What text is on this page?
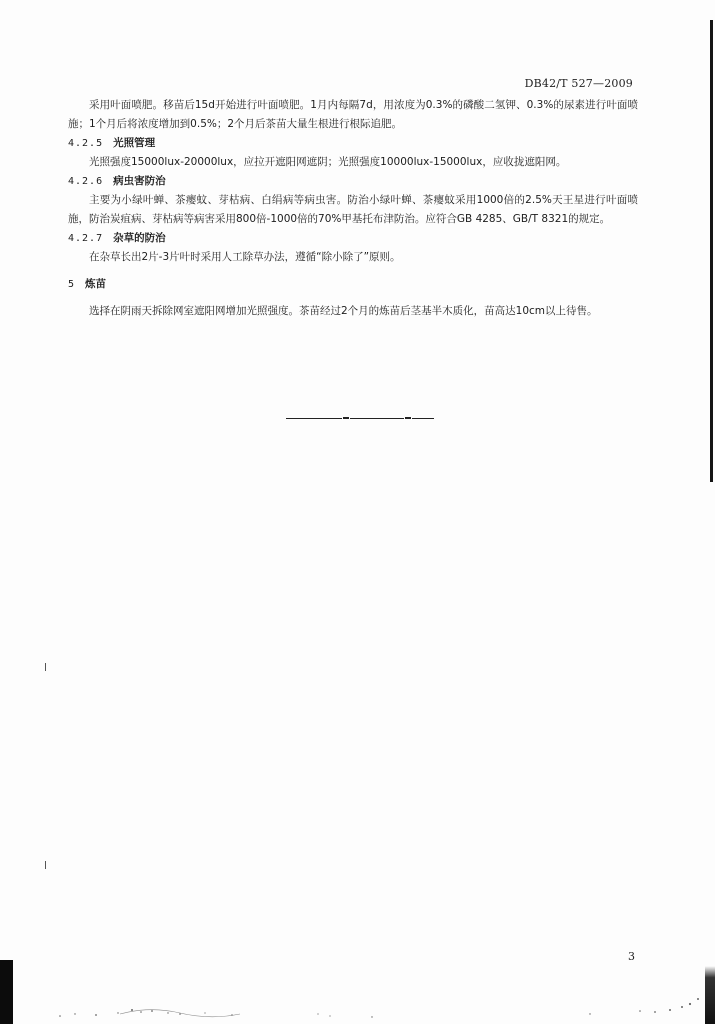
DB42/T 527—2009

采用叶面喷肥。移苗后15d开始进行叶面喷肥。1月内每隔7d，用浓度为0.3%的磷酸二氢钾、0.3%的尿素进行叶面喷施；1个月后将浓度增加到0.5%；2个月后茶苗大量生根进行根际追肥。

4.2.5 光照管理

光照强度15000lux-20000lux，应拉开遮阳网遮阴；光照强度10000lux-15000lux，应收拢遮阳网。

4.2.6 病虫害防治

主要为小绿叶蝉、茶瘿蚊、芽枯病、白绢病等病虫害。防治小绿叶蝉、茶瘿蚊采用1000倍的2.5%天王星进行叶面喷施，防治炭疽病、芽枯病等病害采用800倍-1000倍的70%甲基托布津防治。应符合GB 4285、GB/T 8321的规定。

4.2.7 杂草的防治

在杂草长出2片-3片叶时采用人工除草办法，遵循“除小除了”原则。

5 炼苗

选择在阴雨天拆除网室遮阳网增加光照强度。茶苗经过2个月的炼苗后茎基半木质化，苗高达10cm以上待售。

3
